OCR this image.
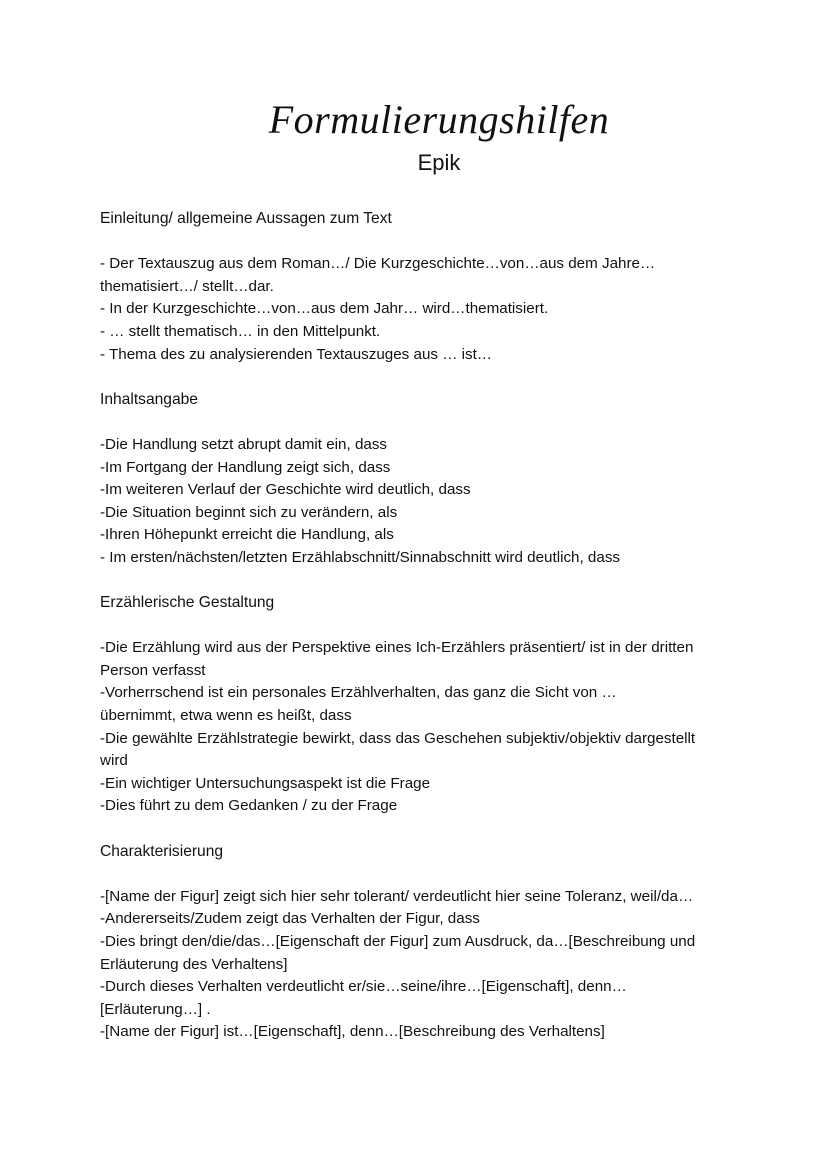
Formulierungshilfen
Epik
Einleitung/ allgemeine Aussagen zum Text

- Der Textauszug aus dem Roman…/ Die Kurzgeschichte…von…aus dem Jahre…thematisiert…/ stellt…dar.

- In der Kurzgeschichte…von…aus dem Jahr… wird…thematisiert.

- … stellt thematisch… in den Mittelpunkt.

- Thema des zu analysierenden Textauszuges aus … ist…

Inhaltsangabe

-Die Handlung setzt abrupt damit ein, dass

-Im Fortgang der Handlung zeigt sich, dass

-Im weiteren Verlauf der Geschichte wird deutlich, dass

-Die Situation beginnt sich zu verändern, als

-Ihren Höhepunkt erreicht die Handlung, als

- Im ersten/nächsten/letzten Erzählabschnitt/Sinnabschnitt wird deutlich, dass

Erzählerische Gestaltung

-Die Erzählung wird aus der Perspektive eines Ich-Erzählers präsentiert/ ist in der dritten Person verfasst

-Vorherrschend ist ein personales Erzählverhalten, das ganz die Sicht von … übernimmt, etwa wenn es heißt, dass

-Die gewählte Erzählstrategie bewirkt, dass das Geschehen subjektiv/objektiv dargestellt wird

-Ein wichtiger Untersuchungsaspekt ist die Frage

-Dies führt zu dem Gedanken / zu der Frage

Charakterisierung

-[Name der Figur] zeigt sich hier sehr tolerant/ verdeutlicht hier seine Toleranz, weil/da…

-Andererseits/Zudem zeigt das Verhalten der Figur, dass

-Dies bringt den/die/das…[Eigenschaft der Figur] zum Ausdruck, da…[Beschreibung und Erläuterung des Verhaltens]

-Durch dieses Verhalten verdeutlicht er/sie…seine/ihre…[Eigenschaft], denn…[Erläuterung…] .

-[Name der Figur] ist…[Eigenschaft], denn…[Beschreibung des Verhaltens]
